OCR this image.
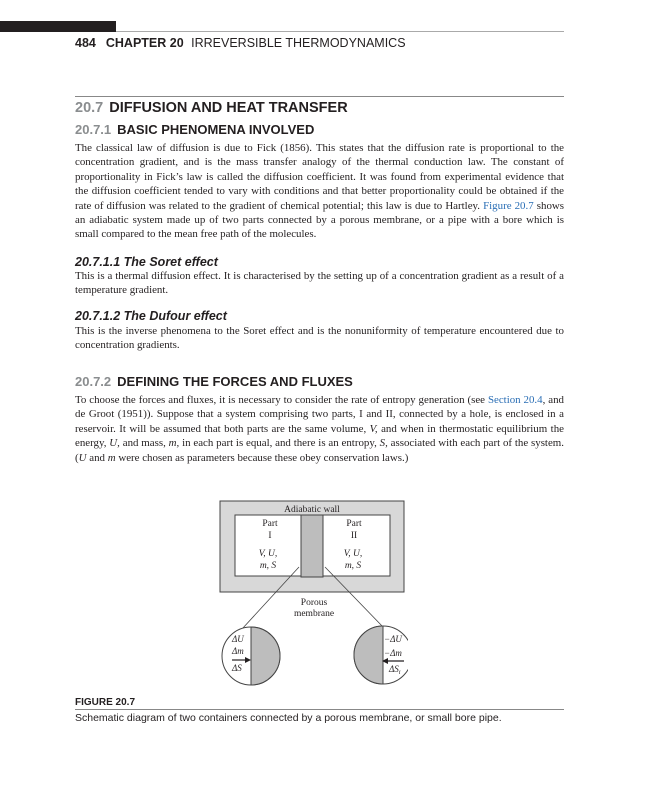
484 CHAPTER 20 IRREVERSIBLE THERMODYNAMICS
20.7 DIFFUSION AND HEAT TRANSFER
20.7.1 BASIC PHENOMENA INVOLVED

The classical law of diffusion is due to Fick (1856). This states that the diffusion rate is proportional to the concentration gradient, and is the mass transfer analogy of the thermal conduction law. The constant of proportionality in Fick’s law is called the diffusion coefficient. It was found from experimental evidence that the diffusion coefficient tended to vary with conditions and that better proportionality could be obtained if the rate of diffusion was related to the gradient of chemical potential; this law is due to Hartley. Figure 20.7 shows an adiabatic system made up of two parts connected by a porous membrane, or a pipe with a bore which is small compared to the mean free path of the molecules.

20.7.1.1 The Soret effect

This is a thermal diffusion effect. It is characterised by the setting up of a concentration gradient as a result of a temperature gradient.

20.7.1.2 The Dufour effect

This is the inverse phenomena to the Soret effect and is the nonuniformity of temperature encountered due to concentration gradients.

20.7.2 DEFINING THE FORCES AND FLUXES

To choose the forces and fluxes, it is necessary to consider the rate of entropy generation (see Section 20.4, and de Groot (1951)). Suppose that a system comprising two parts, I and II, connected by a hole, is enclosed in a reservoir. It will be assumed that both parts are the same volume, V, and when in thermostatic equilibrium the energy, U, and mass, m, in each part is equal, and there is an entropy, S, associated with each part of the system. (U and m were chosen as parameters because these obey conservation laws.)

Adiabatic wall
Part
I
Part
II
V, U,
m, S
V, U,
m, S
Porous
membrane
ΔU
Δm
ΔS
−ΔU
−Δm
$\Delta S_i$
FIGURE 20.7
Schematic diagram of two containers connected by a porous membrane, or small bore pipe.
